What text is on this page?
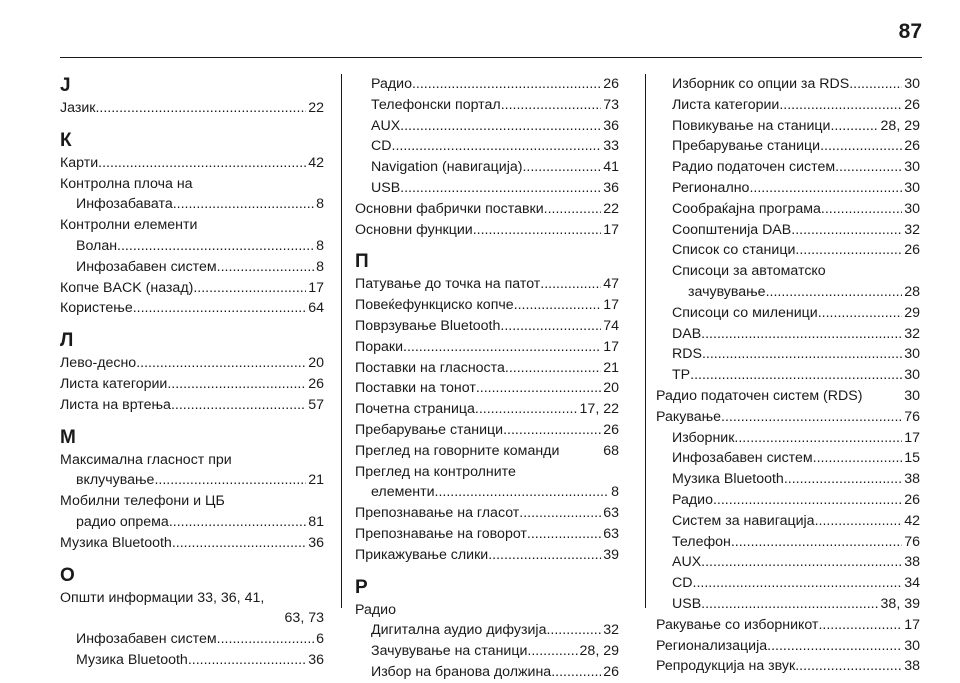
87
J
Јазик .....	22
К
Карти .....	42
Контролна плоча на
Инфозабавата .....	8
Контролни елементи
Волан .....	8
Инфозабавен систем .....	8
Копче BACK (назад) .....	17
Користење .....	64
Л
Лево-десно .....	20
Листа категории .....	26
Листа на вртења .....	57
М
Максимална гласност при
вклучување .....	21
Мобилни телефони и ЦБ
радио опрема .....	81
Музика Bluetooth .....	36
О
Општи информации 33, 36, 41,
63, 73
Инфозабавен систем .....	6
Музика Bluetooth .....	36
Радио .....	26
Телефонски портал .....	73
AUX .....	36
CD .....	33
Navigation (навигација) .....	41
USB .....	36
Основни фабрички поставки .....	22
Основни функции .....	17
П
Патување до точка на патот .....	47
Повеќефункциско копче .....	17
Поврзување Bluetooth .....	74
Пораки .....	17
Поставки на гласноста .....	21
Поставки на тонот .....	20
Почетна страница .....	17, 22
Пребарување станици .....	26
Преглед на говорните команди	68
Преглед на контролните
елементи .....	8
Препознавање на гласот .....	63
Препознавање на говорот .....	63
Прикажување слики .....	39
Р
Радио
Дигитална аудио дифузија .....	32
Зачувување на станици .....	28, 29
Избор на бранова должина .....	26
Изборник со опции за RDS .....	30
Листа категории .....	26
Повикување на станици .....	28, 29
Пребарување станици .....	26
Радио податочен систем .....	30
Регионално .....	30
Сообраќајна програма .....	30
Соопштенија DAB .....	32
Список со станици .....	26
Списоци за автоматско
зачувување .....	28
Списоци со миленици .....	29
DAB .....	32
RDS .....	30
TP .....	30
Радио податочен систем (RDS)	30
Ракување .....	76
Изборник .....	17
Инфозабавен систем .....	15
Музика Bluetooth .....	38
Радио .....	26
Систем за навигација .....	42
Телефон .....	76
AUX .....	38
CD .....	34
USB .....	38, 39
Ракување со изборникот .....	17
Регионализација .....	30
Репродукција на звук .....	38
